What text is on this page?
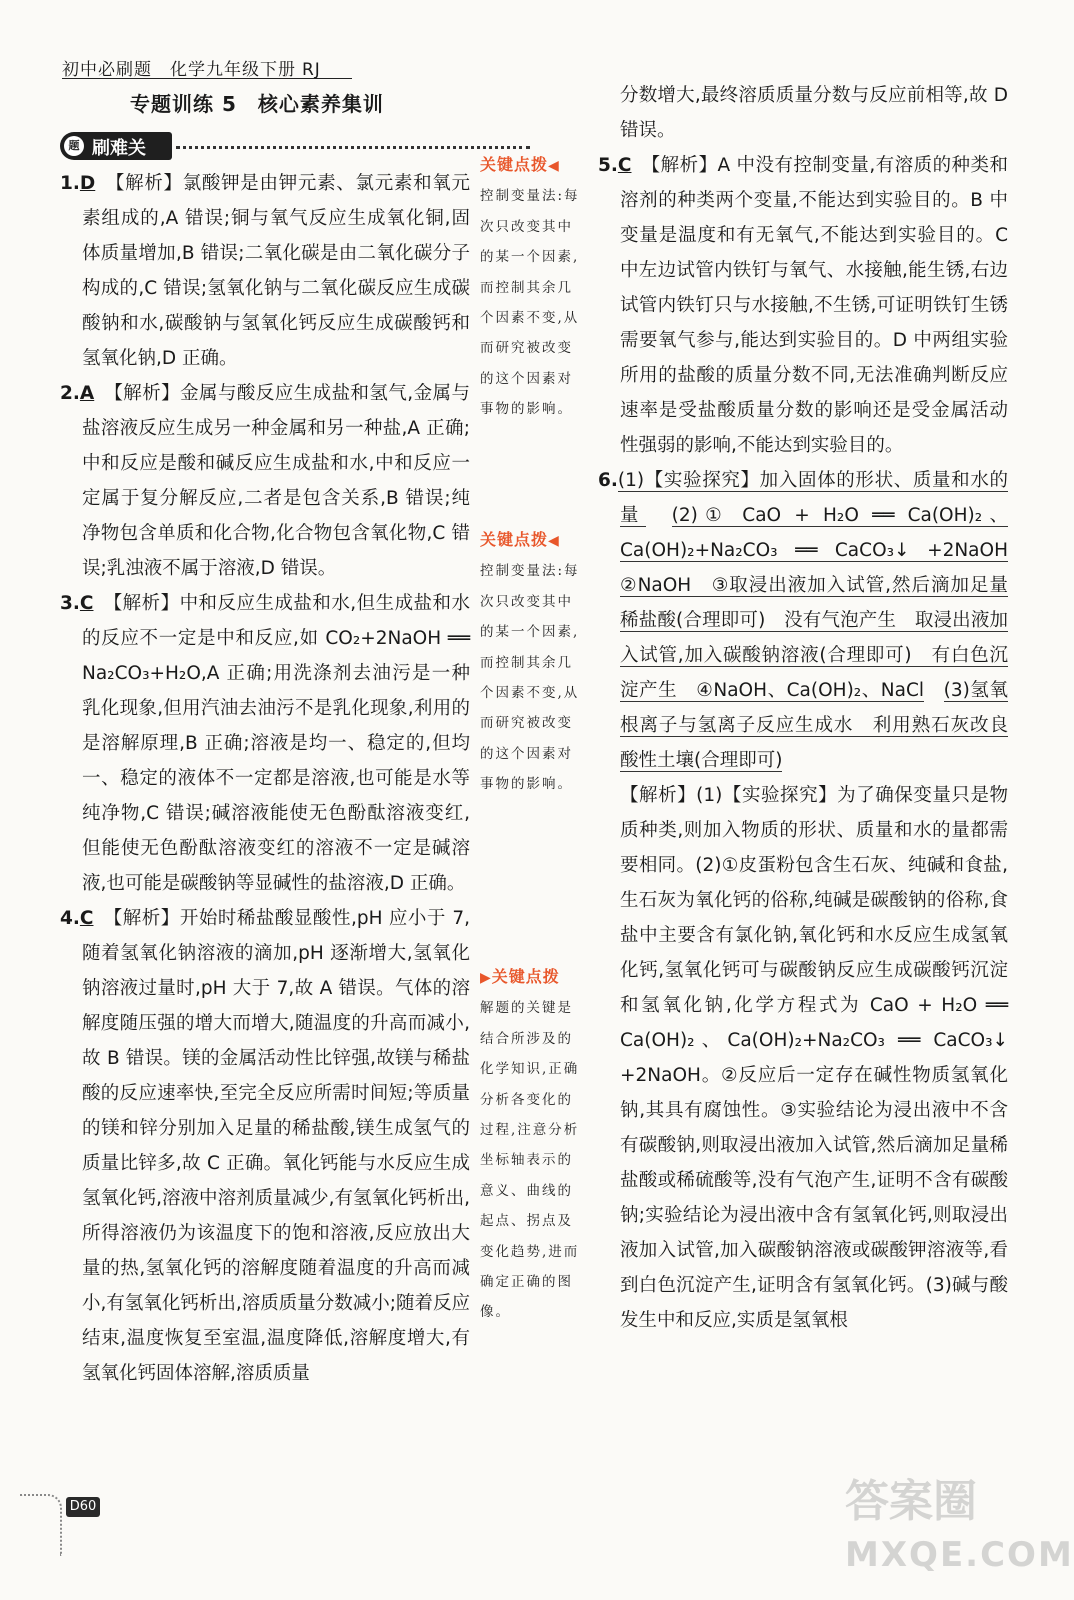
初中必刷题　化学九年级下册 RJ
专题训练 5　核心素养集训
题 刷难关

1.D　 【解析】氯酸钾是由钾元素、氯元素和氧元素组成的,A 错误;铜与氧气反应生成氧化铜,固体质量增加,B 错误;二氧化碳是由二氧化碳分子构成的,C 错误;氢氧化钠与二氧化碳反应生成碳酸钠和水,碳酸钠与氢氧化钙反应生成碳酸钙和氢氧化钠,D 正确。

2.A　 【解析】金属与酸反应生成盐和氢气,金属与盐溶液反应生成另一种金属和另一种盐,A 正确;中和反应是酸和碱反应生成盐和水,中和反应一定属于复分解反应,二者是包含关系,B 错误;纯净物包含单质和化合物,化合物包含氧化物,C 错误;乳浊液不属于溶液,D 错误。

3.C　 【解析】中和反应生成盐和水,但生成盐和水的反应不一定是中和反应,如 CO₂+2NaOH ══ Na₂CO₃+H₂O,A 正确;用洗涤剂去油污是一种乳化现象,但用汽油去油污不是乳化现象,利用的是溶解原理,B 正确;溶液是均一、稳定的,但均一、稳定的液体不一定都是溶液,也可能是水等纯净物,C 错误;碱溶液能使无色酚酞溶液变红,但能使无色酚酞溶液变红的溶液不一定是碱溶液,也可能是碳酸钠等显碱性的盐溶液,D 正确。

4.C　 【解析】开始时稀盐酸显酸性,pH 应小于 7,随着氢氧化钠溶液的滴加,pH 逐渐增大,氢氧化钠溶液过量时,pH 大于 7,故 A 错误。气体的溶解度随压强的增大而增大,随温度的升高而减小,故 B 错误。镁的金属活动性比锌强,故镁与稀盐酸的反应速率快,至完全反应所需时间短;等质量的镁和锌分别加入足量的稀盐酸,镁生成氢气的质量比锌多,故 C 正确。氧化钙能与水反应生成氢氧化钙,溶液中溶剂质量减少,有氢氧化钙析出,所得溶液仍为该温度下的饱和溶液,反应放出大量的热,氢氧化钙的溶解度随着温度的升高而减小,有氢氧化钙析出,溶质质量分数减小;随着反应结束,温度恢复至室温,温度降低,溶解度增大,有氢氧化钙固体溶解,溶质质量

关键点拨◀
控制变量法:每次只改变其中的某一个因素,而控制其余几个因素不变,从而研究被改变的这个因素对事物的影响。
关键点拨◀
控制变量法:每次只改变其中的某一个因素,而控制其余几个因素不变,从而研究被改变的这个因素对事物的影响。
▶关键点拨
解题的关键是结合所涉及的化学知识,正确分析各变化的过程,注意分析坐标轴表示的意义、曲线的起点、拐点及变化趋势,进而确定正确的图像。

分数增大,最终溶质质量分数与反应前相等,故 D 错误。

5.C　 【解析】A 中没有控制变量,有溶质的种类和溶剂的种类两个变量,不能达到实验目的。B 中变量是温度和有无氧气,不能达到实验目的。C 中左边试管内铁钉与氧气、水接触,能生锈,右边试管内铁钉只与水接触,不生锈,可证明铁钉生锈需要氧气参与,能达到实验目的。D 中两组实验所用的盐酸的质量分数不同,无法准确判断反应速率是受盐酸质量分数的影响还是受金属活动性强弱的影响,不能达到实验目的。

6.(1)【实验探究】加入固体的形状、质量和水的量　 (2)① CaO + H₂O ══ Ca(OH)₂、Ca(OH)₂+Na₂CO₃ ══ CaCO₃↓ +2NaOH　②NaOH　③取浸出液加入试管,然后滴加足量稀盐酸(合理即可)　没有气泡产生　取浸出液加入试管,加入碳酸钠溶液(合理即可)　有白色沉淀产生　④NaOH、Ca(OH)₂、NaCl　 (3)氢氧根离子与氢离子反应生成水　利用熟石灰改良酸性土壤(合理即可)

【解析】(1)【实验探究】为了确保变量只是物质种类,则加入物质的形状、质量和水的量都需要相同。(2)①皮蛋粉包含生石灰、纯碱和食盐,生石灰为氧化钙的俗称,纯碱是碳酸钠的俗称,食盐中主要含有氯化钠,氧化钙和水反应生成氢氧化钙,氢氧化钙可与碳酸钠反应生成碳酸钙沉淀和氢氧化钠,化学方程式为 CaO + H₂O ══ Ca(OH)₂、Ca(OH)₂+Na₂CO₃ ══ CaCO₃↓ +2NaOH。②反应后一定存在碱性物质氢氧化钠,其具有腐蚀性。③实验结论为浸出液中不含有碳酸钠,则取浸出液加入试管,然后滴加足量稀盐酸或稀硫酸等,没有气泡产生,证明不含有碳酸钠;实验结论为浸出液中含有氢氧化钙,则取浸出液加入试管,加入碳酸钠溶液或碳酸钾溶液等,看到白色沉淀产生,证明含有氢氧化钙。(3)碱与酸发生中和反应,实质是氢氧根

D60	答案圈
MXQE.COM
